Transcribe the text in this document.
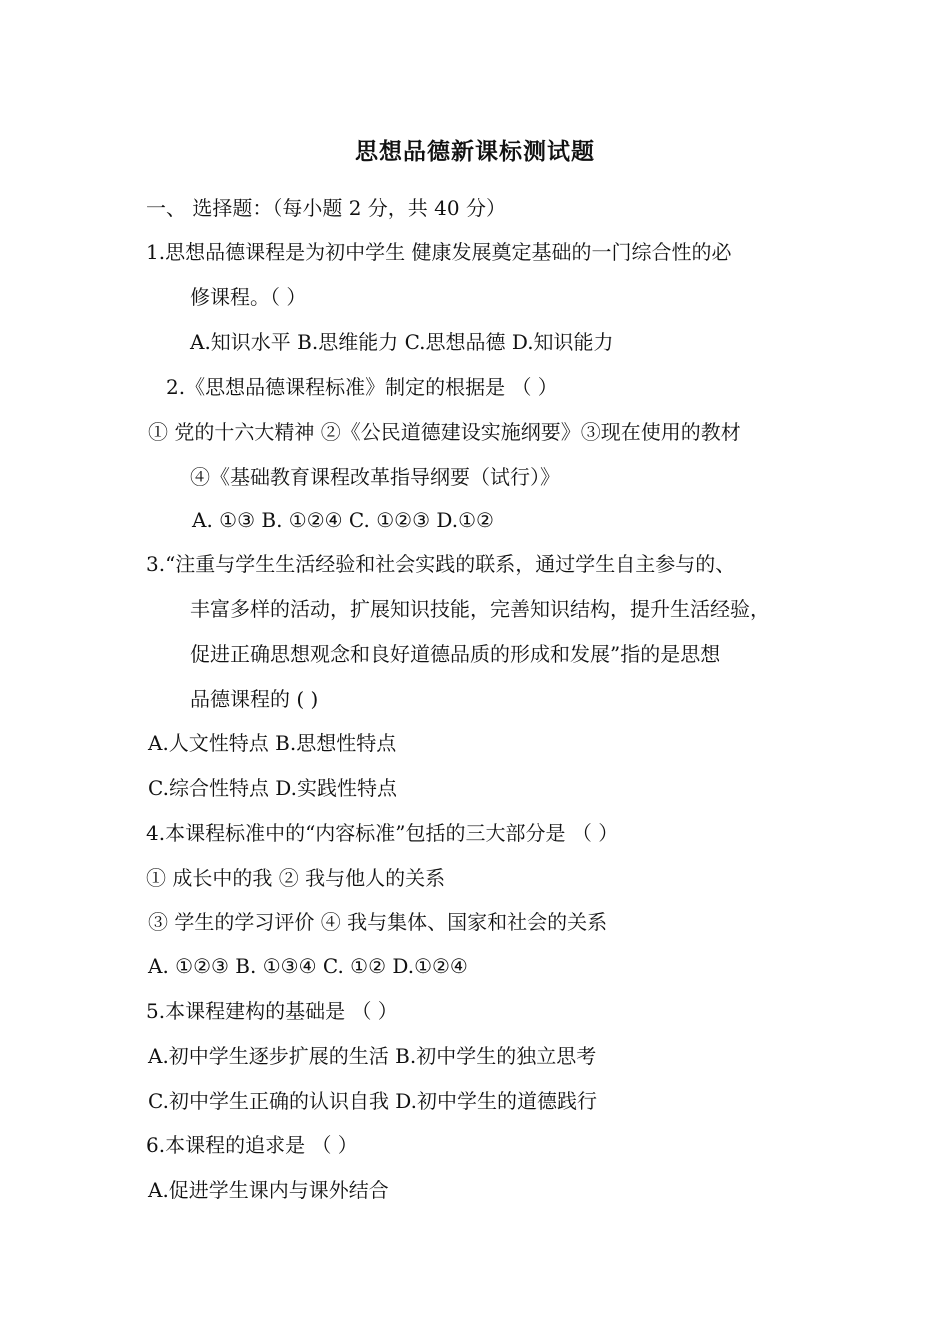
思想品德新课标测试题
一、 选择题：（每小题 2 分，共 40 分）
1.思想品德课程是为初中学生 健康发展奠定基础的一门综合性的必
修课程。（ ）
A.知识水平 B.思维能力 C.思想品德 D.知识能力
2.《思想品德课程标准》制定的根据是 （ ）
① 党的十六大精神 ②《公民道德建设实施纲要》③现在使用的教材
④《基础教育课程改革指导纲要（试行）》
A. ①③ B. ①②④ C. ①②③ D.①②
3.“注重与学生生活经验和社会实践的联系，通过学生自主参与的、
丰富多样的活动，扩展知识技能，完善知识结构，提升生活经验，
促进正确思想观念和良好道德品质的形成和发展”指的是思想
品德课程的 ( )
A.人文性特点 B.思想性特点
C.综合性特点 D.实践性特点
4.本课程标准中的“内容标准”包括的三大部分是 （ ）
① 成长中的我 ② 我与他人的关系
③ 学生的学习评价 ④ 我与集体、国家和社会的关系
A. ①②③ B. ①③④ C. ①② D.①②④
5.本课程建构的基础是 （ ）
A.初中学生逐步扩展的生活 B.初中学生的独立思考
C.初中学生正确的认识自我 D.初中学生的道德践行
6.本课程的追求是 （ ）
A.促进学生课内与课外结合
